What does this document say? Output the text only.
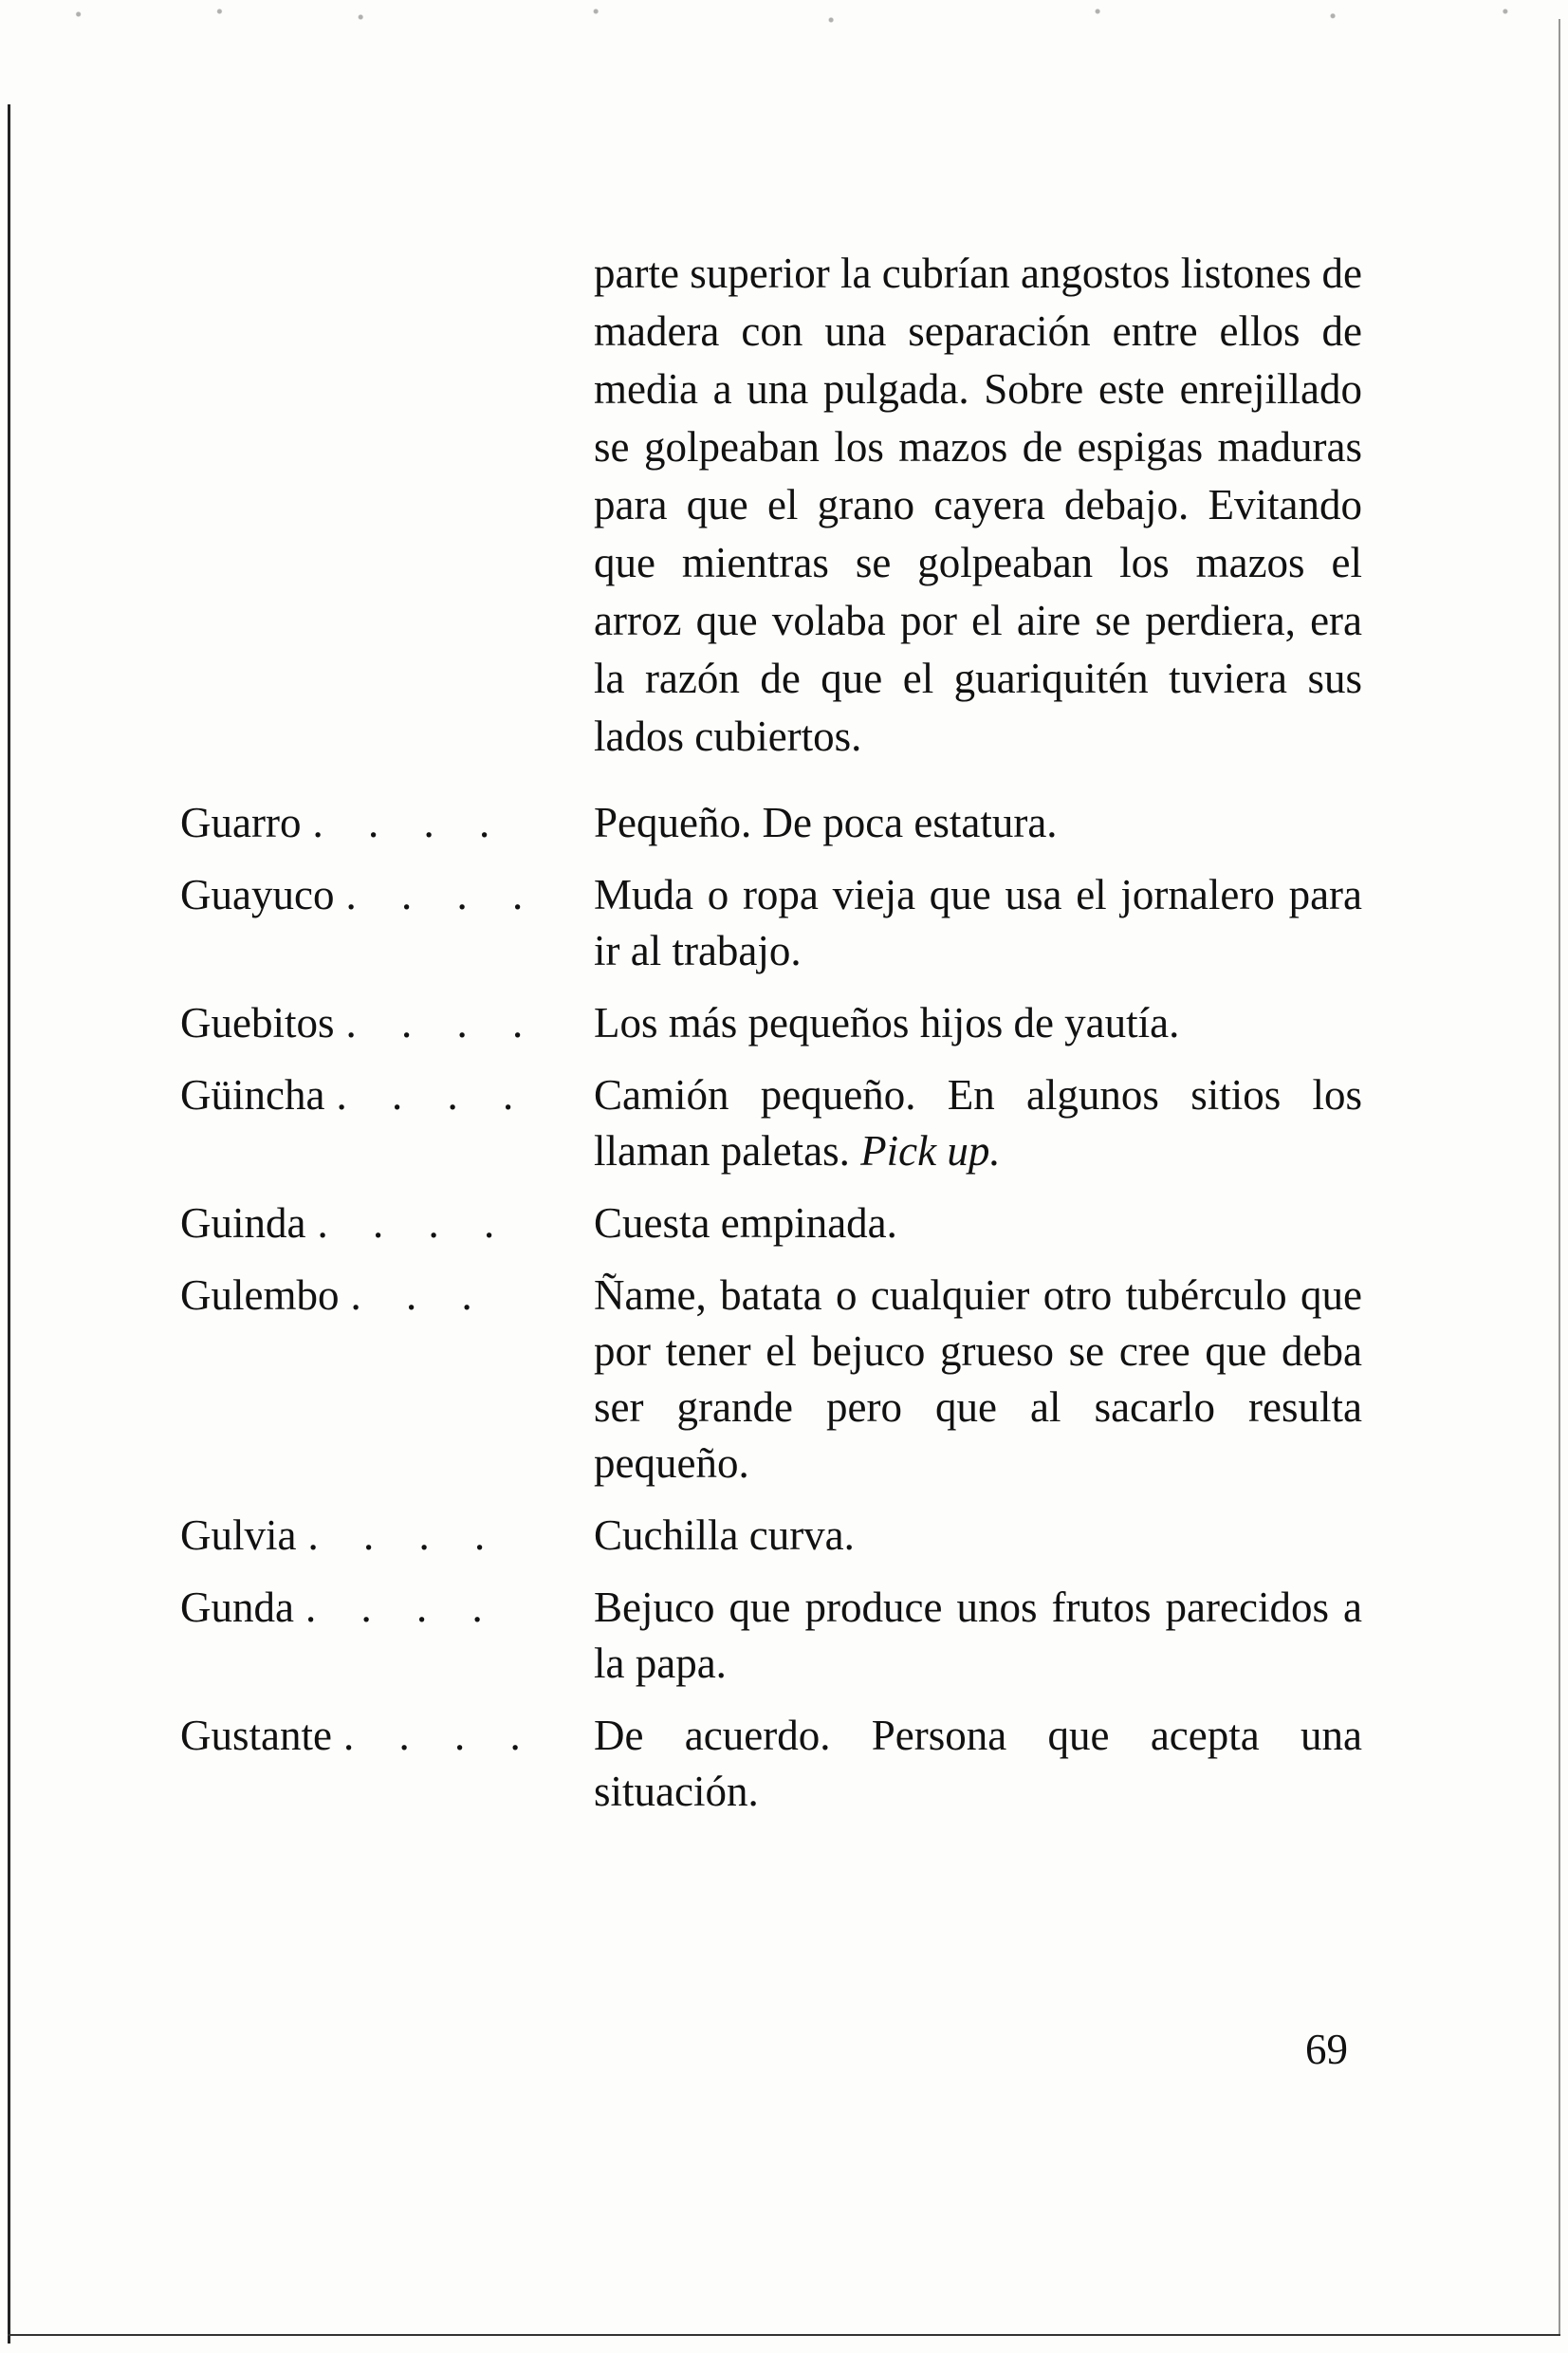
parte superior la cubrían angostos listones de madera con una separación entre ellos de media a una pulgada. Sobre este enrejillado se golpeaban los mazos de espigas maduras para que el grano cayera debajo. Evitando que mientras se golpeaban los mazos el arroz que volaba por el aire se perdiera, era la razón de que el guariquitén tuviera sus lados cubiertos.
Guarro . . . .	Pequeño. De poca estatura.
Guayuco . . . .	Muda o ropa vieja que usa el jornalero para ir al trabajo.
Guebitos . . . .	Los más pequeños hijos de yautía.
Güincha . . . .	Camión pequeño. En algunos sitios los llaman paletas. Pick up.
Guinda . . . .	Cuesta empinada.
Gulembo . . .	Ñame, batata o cualquier otro tubérculo que por tener el bejuco grueso se cree que deba ser grande pero que al sacarlo resulta pequeño.
Gulvia . . . .	Cuchilla curva.
Gunda . . . .	Bejuco que produce unos frutos parecidos a la papa.
Gustante . . . .	De acuerdo. Persona que acepta una situación.
69
